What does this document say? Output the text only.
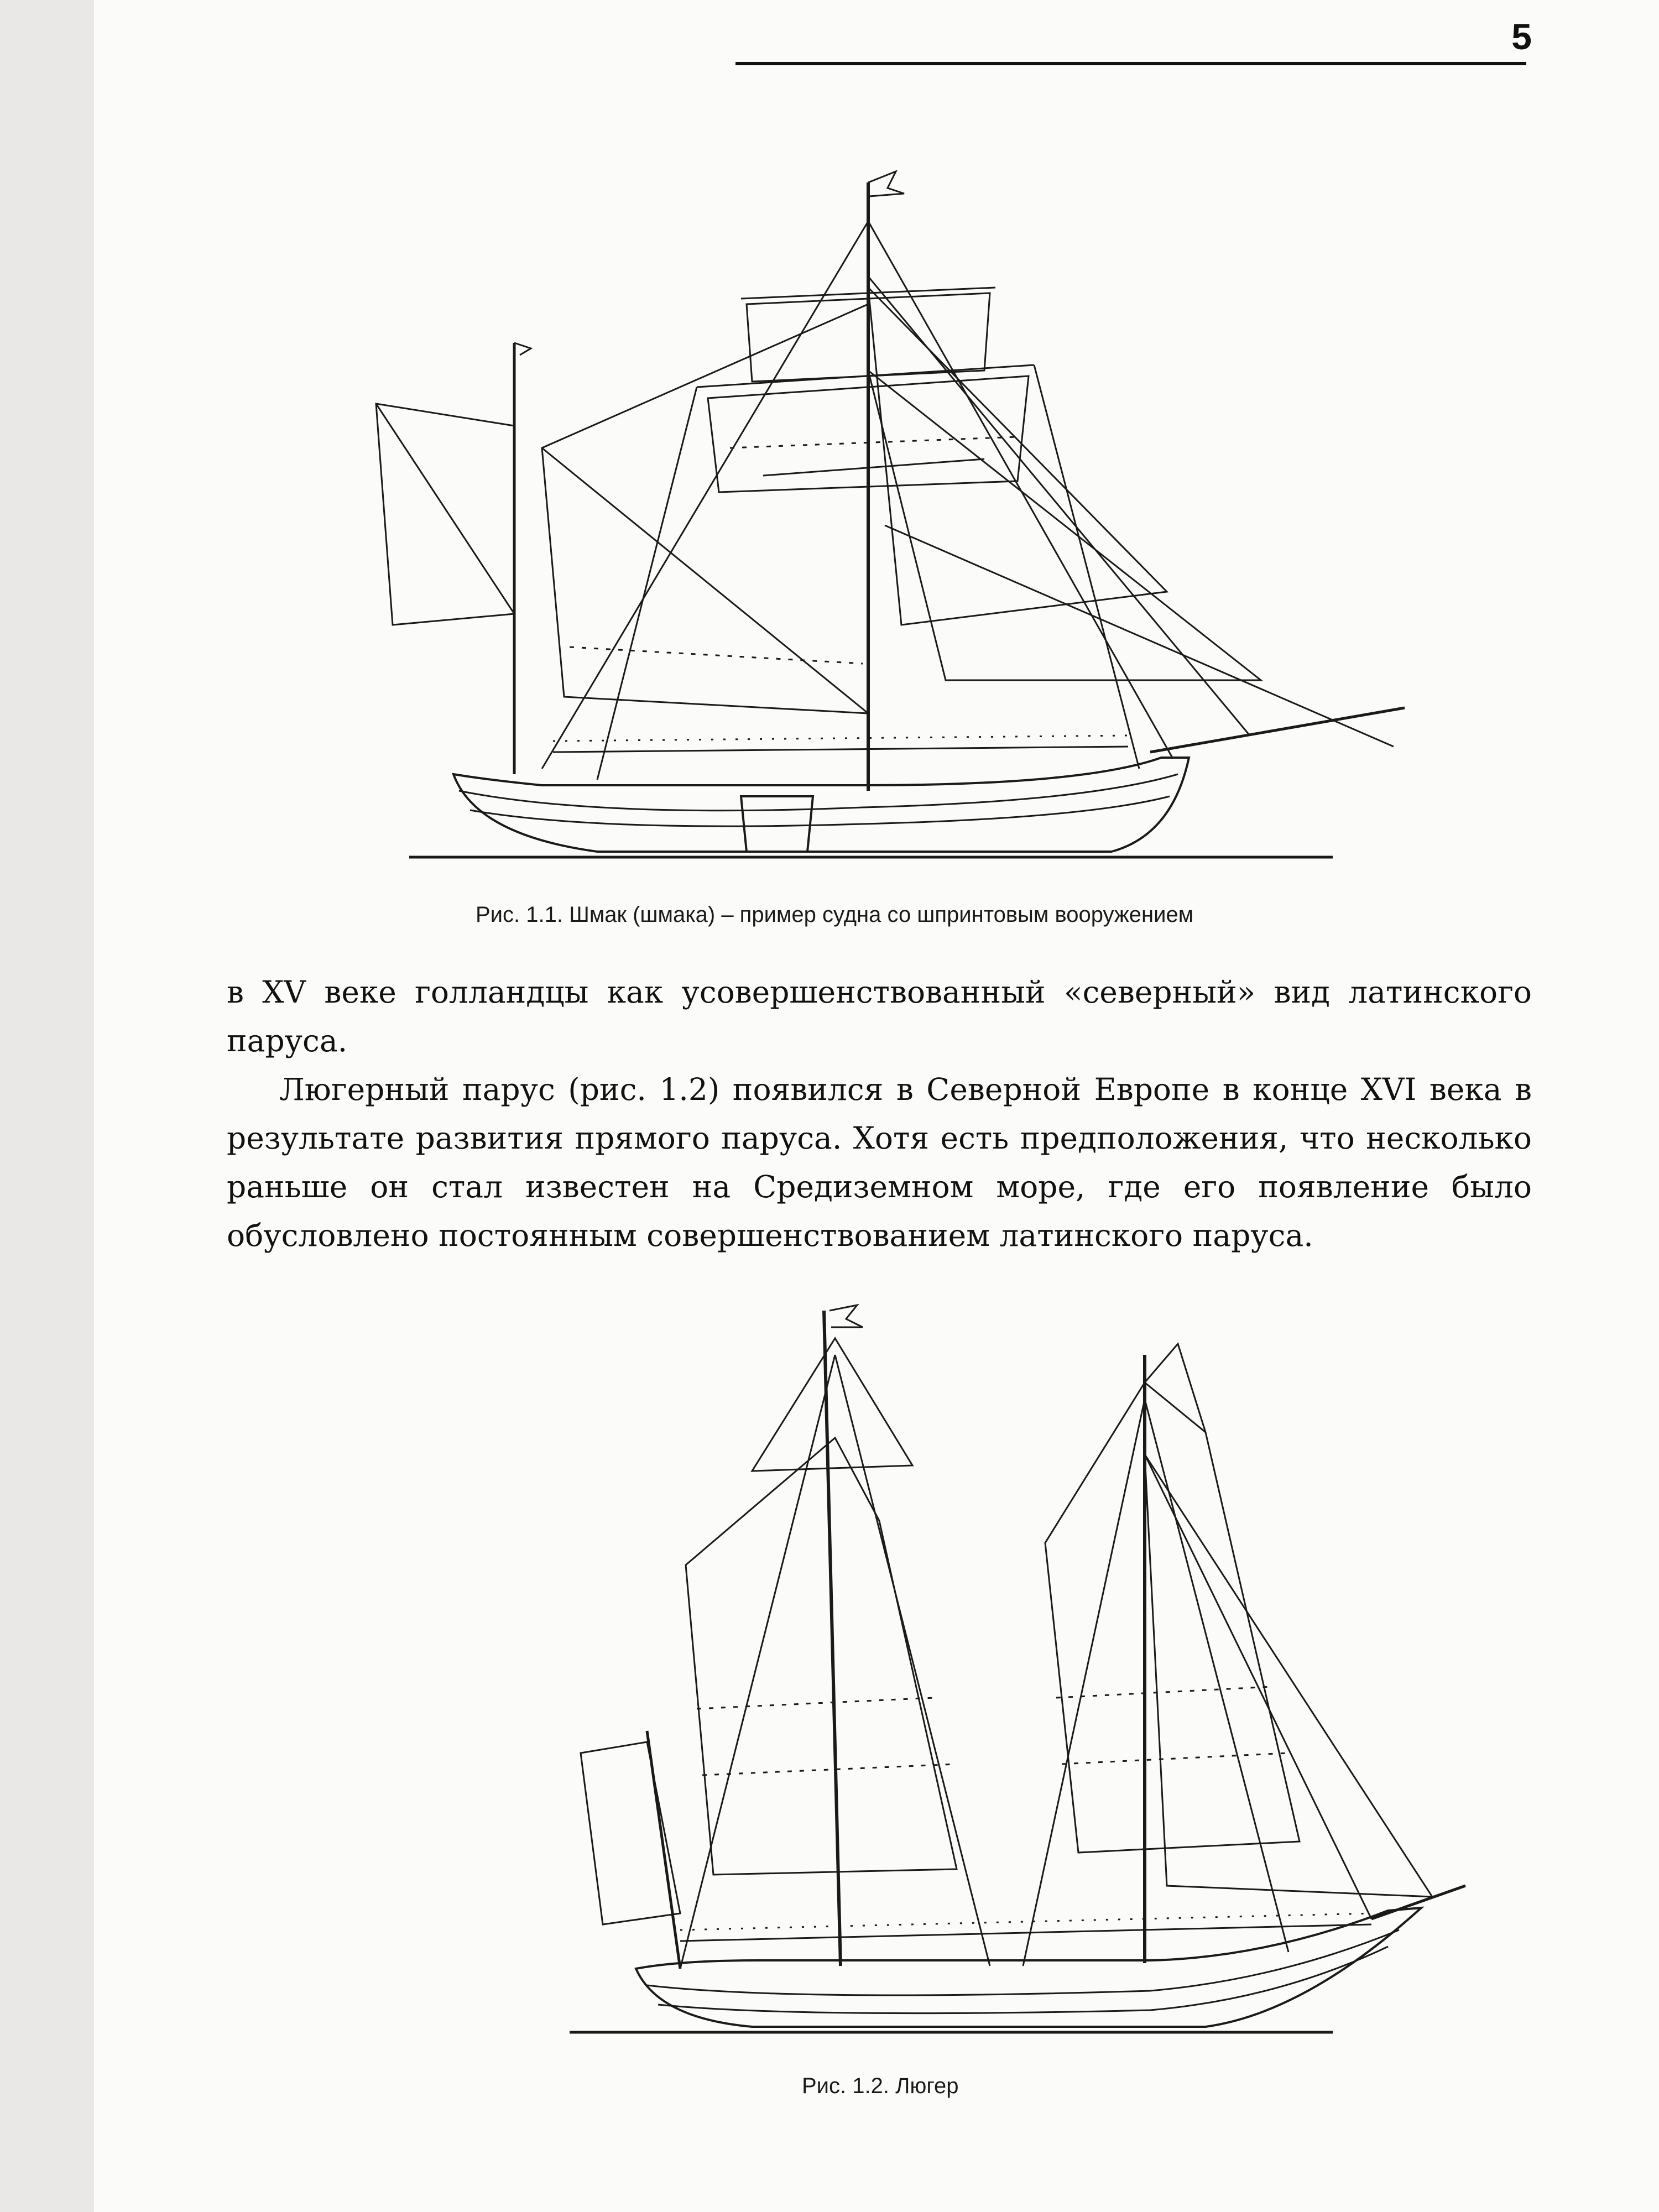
5
Рис. 1.1. Шмак (шмака) – пример судна со шпринтовым вооружением

в XV веке голландцы как усовершенствованный «северный» вид латинского паруса.

Люгерный парус (рис. 1.2) появился в Северной Европе в конце XVI века в результате развития прямого паруса. Хотя есть предположения, что несколько раньше он стал известен на Средиземном море, где его появление было обусловлено постоянным совершенствованием латинского паруса.

Рис. 1.2. Люгер
